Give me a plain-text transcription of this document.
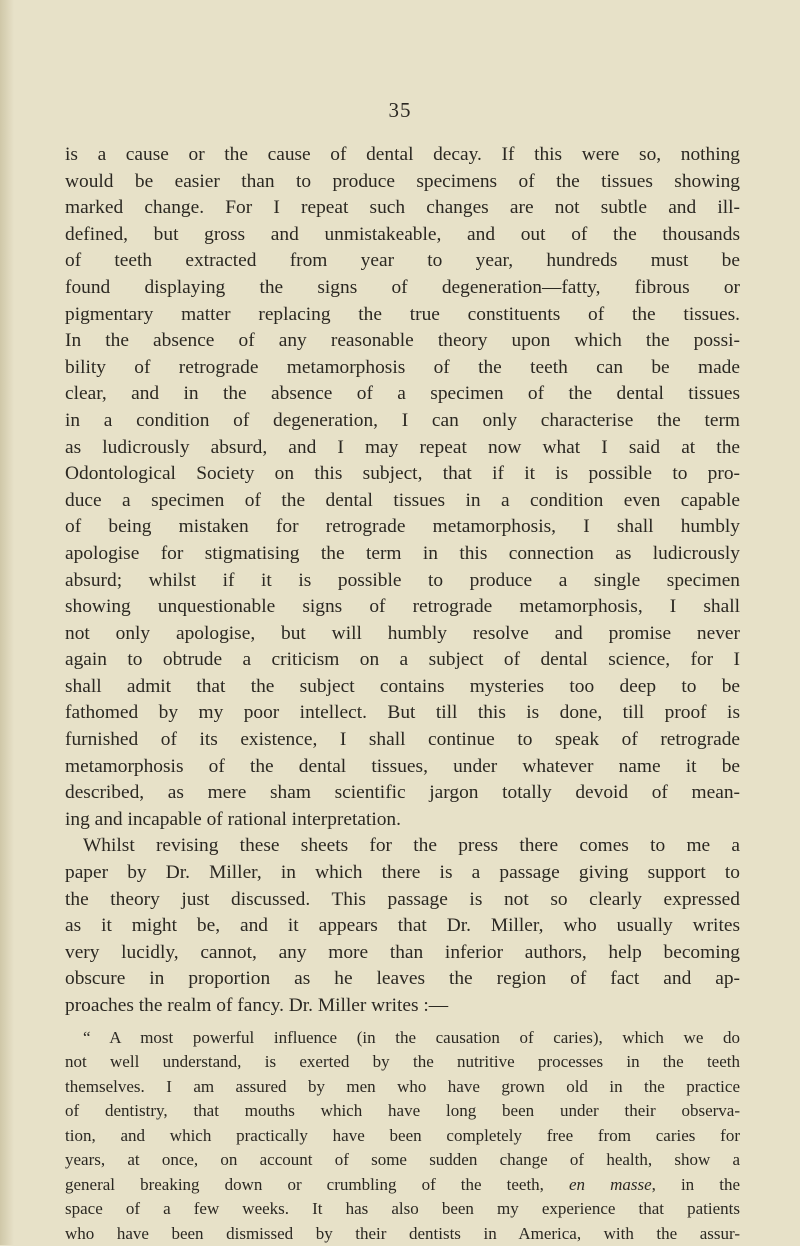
35
is a cause or the cause of dental decay. If this were so, nothing
would be easier than to produce specimens of the tissues showing
marked change. For I repeat such changes are not subtle and ill-
defined, but gross and unmistakeable, and out of the thousands
of teeth extracted from year to year, hundreds must be
found displaying the signs of degeneration—fatty, fibrous or
pigmentary matter replacing the true constituents of the tissues.
In the absence of any reasonable theory upon which the possi-
bility of retrograde metamorphosis of the teeth can be made
clear, and in the absence of a specimen of the dental tissues
in a condition of degeneration, I can only characterise the term
as ludicrously absurd, and I may repeat now what I said at the
Odontological Society on this subject, that if it is possible to pro-
duce a specimen of the dental tissues in a condition even capable
of being mistaken for retrograde metamorphosis, I shall humbly
apologise for stigmatising the term in this connection as ludicrously
absurd; whilst if it is possible to produce a single specimen
showing unquestionable signs of retrograde metamorphosis, I shall
not only apologise, but will humbly resolve and promise never
again to obtrude a criticism on a subject of dental science, for I
shall admit that the subject contains mysteries too deep to be
fathomed by my poor intellect. But till this is done, till proof is
furnished of its existence, I shall continue to speak of retrograde
metamorphosis of the dental tissues, under whatever name it be
described, as mere sham scientific jargon totally devoid of mean-
ing and incapable of rational interpretation.
Whilst revising these sheets for the press there comes to me a
paper by Dr. Miller, in which there is a passage giving support to
the theory just discussed. This passage is not so clearly expressed
as it might be, and it appears that Dr. Miller, who usually writes
very lucidly, cannot, any more than inferior authors, help becoming
obscure in proportion as he leaves the region of fact and ap-
proaches the realm of fancy. Dr. Miller writes :—
“ A most powerful influence (in the causation of caries), which we do
not well understand, is exerted by the nutritive processes in the teeth
themselves. I am assured by men who have grown old in the practice
of dentistry, that mouths which have long been under their observa-
tion, and which practically have been completely free from caries for
years, at once, on account of some sudden change of health, show a
general breaking down or crumbling of the teeth, en masse, in the
space of a few weeks. It has also been my experience that patients
who have been dismissed by their dentists in America, with the assur-
